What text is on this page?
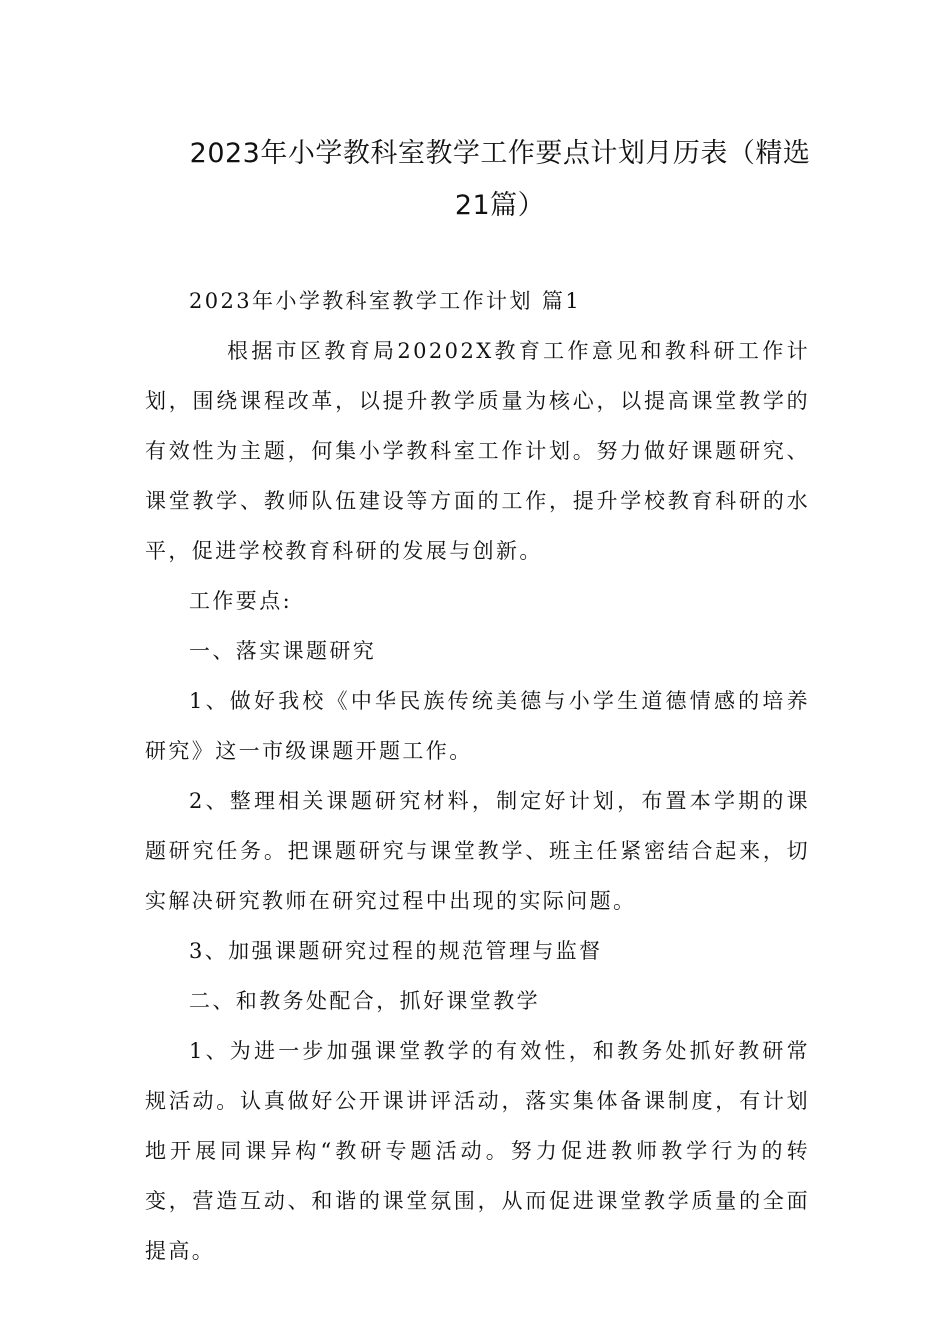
2023年小学教科室教学工作要点计划月历表（精选21篇）

2023年小学教科室教学工作计划 篇1

根据市区教育局20202X教育工作意见和教科研工作计划，围绕课程改革，以提升教学质量为核心，以提高课堂教学的有效性为主题，何集小学教科室工作计划。努力做好课题研究、课堂教学、教师队伍建设等方面的工作，提升学校教育科研的水平，促进学校教育科研的发展与创新。

工作要点:

一、落实课题研究

1、做好我校《中华民族传统美德与小学生道德情感的培养研究》这一市级课题开题工作。

2、整理相关课题研究材料，制定好计划，布置本学期的课题研究任务。把课题研究与课堂教学、班主任紧密结合起来，切实解决研究教师在研究过程中出现的实际问题。

3、加强课题研究过程的规范管理与监督

二、和教务处配合，抓好课堂教学

1、为进一步加强课堂教学的有效性，和教务处抓好教研常规活动。认真做好公开课讲评活动，落实集体备课制度，有计划地开展同课异构“教研专题活动。努力促进教师教学行为的转变，营造互动、和谐的课堂氛围，从而促进课堂教学质量的全面提高。
